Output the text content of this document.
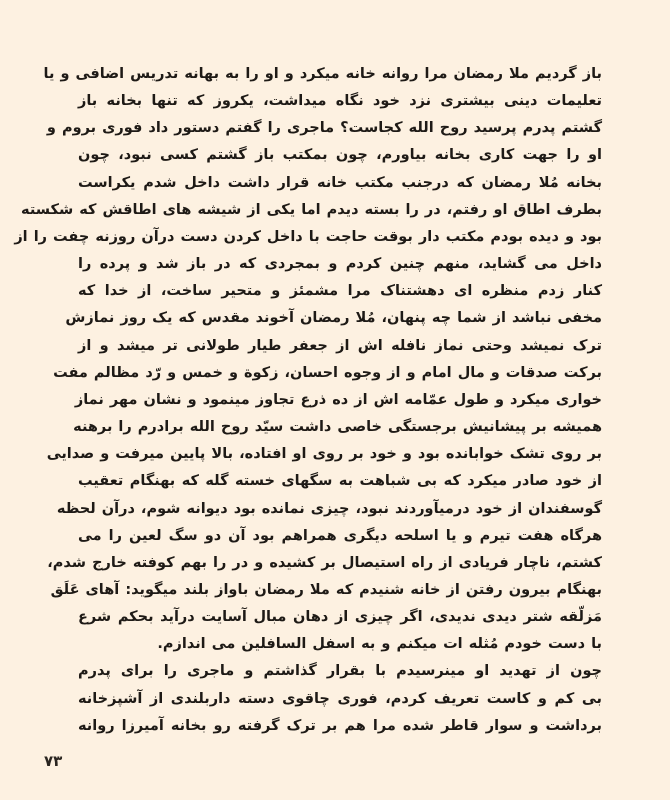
باز گردیم ملا رمضان مرا روانه خانه میکرد و او را به بهانه تدریس اضافی و یا
تعلیمات دینی بیشتری نزد خود نگاه میداشت، یکروز که تنها بخانه باز
گشتم پدرم پرسید روح الله کجاست؟ ماجری را گفتم دستور داد فوری بروم و
او را جهت کاری بخانه بیاورم، چون بمکتب باز گشتم کسی نبود، چون
بخانه مُلا رمضان که درجنب مکتب خانه قرار داشت داخل شدم یکراست
بطرف اطاق او رفتم، در را بسته دیدم اما یکی از شیشه های اطاقش که شکسته
بود و دیده بودم مکتب دار بوقت حاجت با داخل کردن دست درآن روزنه چفت را از
داخل می گشاید، منهم چنین کردم و بمجردی که در باز شد و پرده را
کنار زدم منظره ای دهشتناک مرا مشمئز و متحیر ساخت، از خدا که
مخفی نباشد از شما چه پنهان، مُلا رمضان آخوند مقدس که یک روز نمازش
ترک نمیشد وحتی نماز نافله اش از جعفر طیار طولانی تر میشد و از
برکت صدقات و مال امام و از وجوه احسان، زکوة و خمس و رّد مظالم مفت
خواری میکرد و طول عمّامه اش از ده ذرع تجاوز مینمود و نشان مهر نماز
همیشه بر پیشانیش برجستگی خاصی داشت سیّد روح الله برادرم را برهنه
بر روی تشک خوابانده بود و خود بر روی او افتاده، بالا پایین میرفت و صدایی
از خود صادر میکرد که بی شباهت به سگهای خسته گله که بهنگام تعقیب
گوسفندان از خود درمیآوردند نبود، چیزی نمانده بود دیوانه شوم، درآن لحظه
هرگاه هفت تیرم و یا اسلحه دیگری همراهم بود آن دو سگ لعین را می
کشتم، ناچار فریادی از راه استیصال بر کشیده و در را بهم کوفته خارج شدم،
بهنگام بیرون رفتن از خانه شنیدم که ملا رمضان باواز بلند میگوید: آهای عَلَق
مَزلّقه شتر دیدی ندیدی، اگر چیزی از دهان مبال آسایت درآید بحکم شرع
با دست خودم مُثله ات میکنم و به اسفل السافلین می اندازم.
چون از تهدید او مینرسیدم با بقرار گذاشتم و ماجری را برای پدرم
بی کم و کاست تعریف کردم، فوری چاقوی دسته داربلندی از آشپزخانه
برداشت و سوار قاطر شده مرا هم بر ترک گرفته رو بخانه آمیرزا روانه
٧٣
